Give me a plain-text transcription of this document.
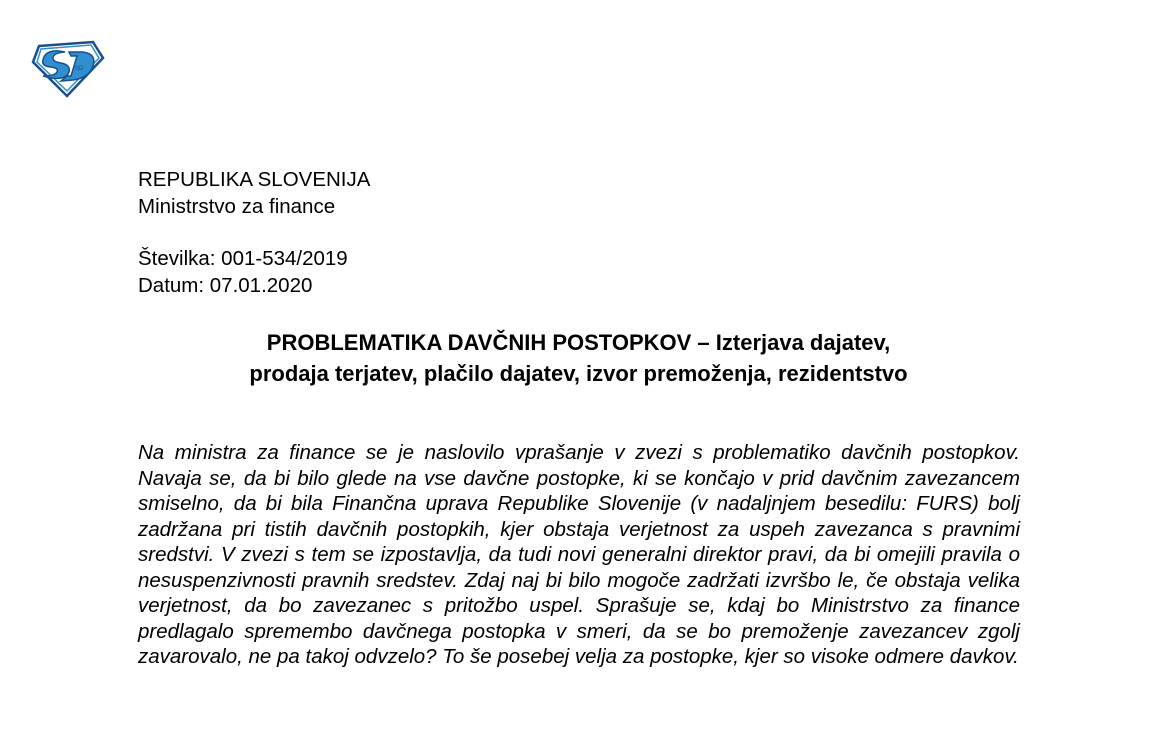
SD
REPUBLIKA SLOVENIJA
Ministrstvo za finance
Številka: 001-534/2019
Datum: 07.01.2020
PROBLEMATIKA DAVČNIH POSTOPKOV – Izterjava dajatev,
prodaja terjatev, plačilo dajatev, izvor premoženja, rezidentstvo

Na ministra za finance se je naslovilo vprašanje v zvezi s problematiko davčnih postopkov. Navaja se, da bi bilo glede na vse davčne postopke, ki se končajo v prid davčnim zavezancem smiselno, da bi bila Finančna uprava Republike Slovenije (v nadaljnjem besedilu: FURS) bolj zadržana pri tistih davčnih postopkih, kjer obstaja verjetnost za uspeh zavezanca s pravnimi sredstvi. V zvezi s tem se izpostavlja, da tudi novi generalni direktor pravi, da bi omejili pravila o nesuspenzivnosti pravnih sredstev. Zdaj naj bi bilo mogoče zadržati izvršbo le, če obstaja velika verjetnost, da bo zavezanec s pritožbo uspel. Sprašuje se, kdaj bo Ministrstvo za finance predlagalo spremembo davčnega postopka v smeri, da se bo premoženje zavezancev zgolj zavarovalo, ne pa takoj odvzelo? To še posebej velja za postopke, kjer so visoke odmere davkov.
